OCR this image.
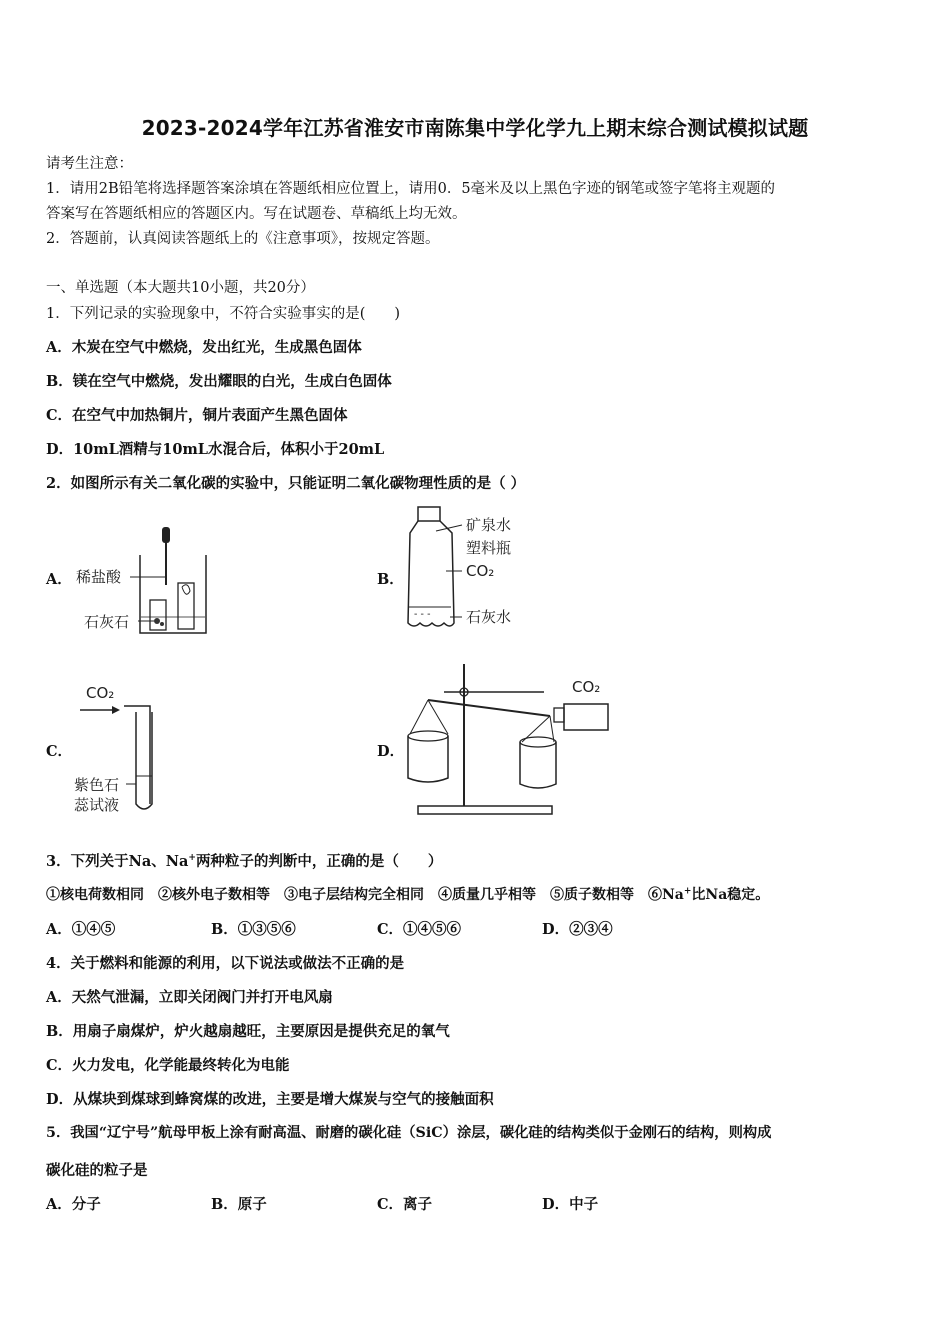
2023-2024学年江苏省淮安市南陈集中学化学九上期末综合测试模拟试题
请考生注意：
1．请用2B铅笔将选择题答案涂填在答题纸相应位置上，请用0．5毫米及以上黑色字迹的钢笔或签字笔将主观题的
答案写在答题纸相应的答题区内。写在试题卷、草稿纸上均无效。
2．答题前，认真阅读答题纸上的《注意事项》，按规定答题。
一、单选题（本大题共10小题，共20分）
1．下列记录的实验现象中，不符合实验事实的是(　　)
A．木炭在空气中燃烧，发出红光，生成黑色固体
B．镁在空气中燃烧，发出耀眼的白光，生成白色固体
C．在空气中加热铜片，铜片表面产生黑色固体
D．10mL酒精与10mL水混合后，体积小于20mL
2．如图所示有关二氧化碳的实验中，只能证明二氧化碳物理性质的是（ ）
A．	B．
C．	D．
稀盐酸
石灰石	- - -
矿泉水
塑料瓶
CO₂
石灰水
CO₂
紫色石
蕊试液
CO₂
3．下列关于Na、Na+两种粒子的判断中，正确的是（　　）
①核电荷数相同　②核外电子数相等　③电子层结构完全相同　④质量几乎相等　⑤质子数相等　⑥Na+比Na稳定。
A．①④⑤	B．①③⑤⑥	C．①④⑤⑥	D．②③④
4．关于燃料和能源的利用，以下说法或做法不正确的是
A．天然气泄漏，立即关闭阀门并打开电风扇
B．用扇子扇煤炉，炉火越扇越旺，主要原因是提供充足的氧气
C．火力发电，化学能最终转化为电能
D．从煤块到煤球到蜂窝煤的改进，主要是增大煤炭与空气的接触面积
5．我国“辽宁号”航母甲板上涂有耐高温、耐磨的碳化硅（SiC）涂层，碳化硅的结构类似于金刚石的结构，则构成
碳化硅的粒子是
A．分子	B．原子	C．离子	D．中子
